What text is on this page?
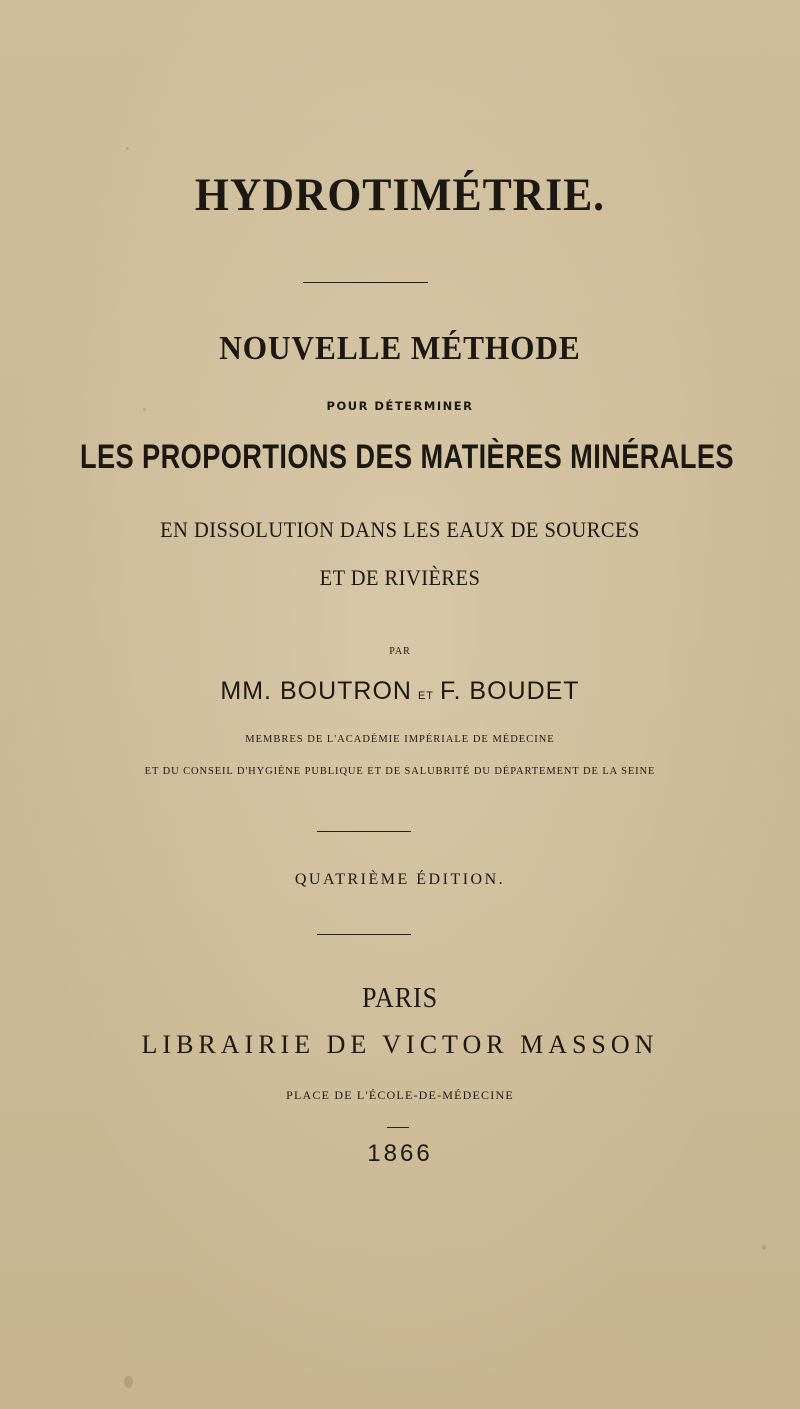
HYDROTIMÉTRIE.
NOUVELLE MÉTHODE

POUR DÉTERMINER

LES PROPORTIONS DES MATIÈRES MINÉRALES

EN DISSOLUTION DANS LES EAUX DE SOURCES

ET DE RIVIÈRES

PAR

MM. BOUTRON ET F. BOUDET

MEMBRES DE L'ACADÉMIE IMPÉRIALE DE MÉDECINE

ET DU CONSEIL D'HYGIÈNE PUBLIQUE ET DE SALUBRITÉ DU DÉPARTEMENT DE LA SEINE

QUATRIÈME ÉDITION.

PARIS

LIBRAIRIE DE VICTOR MASSON

PLACE DE L'ÉCOLE-DE-MÉDECINE

1866
